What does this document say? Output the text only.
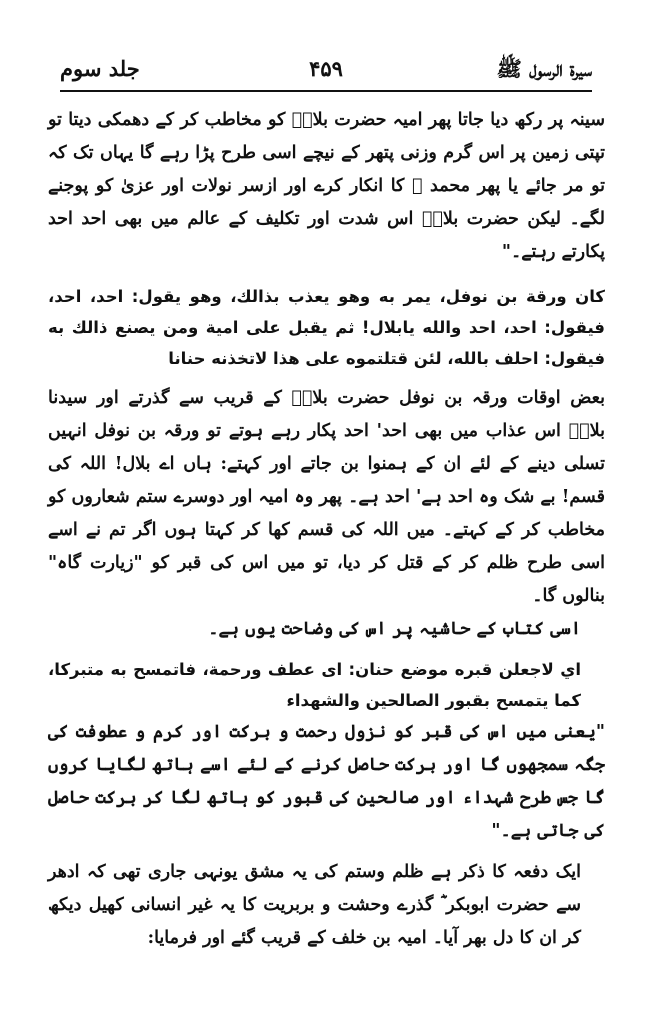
سیرۃ الرسول ﷺ
۴۵۹
جلد سوم

سینہ پر رکھ دیا جاتا پھر امیہ حضرت بلالؓ کو مخاطب کر کے دھمکی دیتا تو تپتی زمین پر اس گرم وزنی پتھر کے نیچے اسی طرح پڑا رہے گا یہاں تک کہ تو مر جائے یا پھر محمد ﷺ کا انکار کرے اور ازسر نولات اور عزیٰ کو پوجنے لگے۔ لیکن حضرت بلالؓ اس شدت اور تکلیف کے عالم میں بھی احد احد پکارتے رہتے۔"

كان ورقة بن نوفل، يمر به وهو يعذب بذالك، وهو يقول: احد، احد، فيقول: احد، احد والله يابلال! ثم يقبل على امية ومن يصنع ذالك به فيقول: احلف بالله، لئن قتلتموه على هذا لاتخذنه حنانا

بعض اوقات ورقہ بن نوفل حضرت بلالؓ کے قریب سے گذرتے اور سیدنا بلالؓ اس عذاب میں بھی احد' احد پکار رہے ہوتے تو ورقہ بن نوفل انہیں تسلی دینے کے لئے ان کے ہمنوا بن جاتے اور کہتے: ہاں اے بلال! اللہ کی قسم! بے شک وہ احد ہے' احد ہے۔ پھر وہ امیہ اور دوسرے ستم شعاروں کو مخاطب کر کے کہتے۔ میں اللہ کی قسم کھا کر کہتا ہوں اگر تم نے اسے اسی طرح ظلم کر کے قتل کر دیا، تو میں اس کی قبر کو "زیارت گاہ" بنالوں گا۔

اسی کتاب کے حاشیہ پر اس کی وضاحت یوں ہے۔

اي لاجعلن قبره موضع حنان: اى عطف ورحمة، فاتمسح به متبركا، كما يتمسح بقبور الصالحين والشهداء

"یعنی میں اس کی قبر کو نزول رحمت و برکت اور کرم و عطوفت کی جگہ سمجھوں گا اور برکت حاصل کرنے کے لئے اسے ہاتھ لگایا کروں گا جس طرح شہداء اور صالحین کی قبور کو ہاتھ لگا کر برکت حاصل کی جاتی ہے۔"

ایک دفعہ کا ذکر ہے ظلم وستم کی یہ مشق یونہی جاری تھی کہ ادھر سے حضرت ابوبکر ؓ گذرے وحشت و بربریت کا یہ غیر انسانی کھیل دیکھ کر ان کا دل بھر آیا۔ امیہ بن خلف کے قریب گئے اور فرمایا:
